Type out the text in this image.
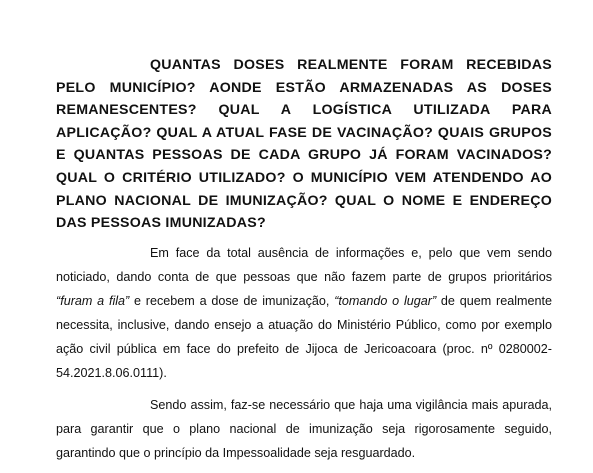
QUANTAS DOSES REALMENTE FORAM RECEBIDAS PELO MUNICÍPIO? AONDE ESTÃO ARMAZENADAS AS DOSES REMANESCENTES? QUAL A LOGÍSTICA UTILIZADA PARA APLICAÇÃO? QUAL A ATUAL FASE DE VACINAÇÃO? QUAIS GRUPOS E QUANTAS PESSOAS DE CADA GRUPO JÁ FORAM VACINADOS? QUAL O CRITÉRIO UTILIZADO? O MUNICÍPIO VEM ATENDENDO AO PLANO NACIONAL DE IMUNIZAÇÃO? QUAL O NOME E ENDEREÇO DAS PESSOAS IMUNIZADAS?

Em face da total ausência de informações e, pelo que vem sendo noticiado, dando conta de que pessoas que não fazem parte de grupos prioritários “furam a fila” e recebem a dose de imunização, “tomando o lugar” de quem realmente necessita, inclusive, dando ensejo a atuação do Ministério Público, como por exemplo ação civil pública em face do prefeito de Jijoca de Jericoacoara (proc. nº 0280002-54.2021.8.06.0111).

Sendo assim, faz-se necessário que haja uma vigilância mais apurada, para garantir que o plano nacional de imunização seja rigorosamente seguido, garantindo que o princípio da Impessoalidade seja resguardado.
